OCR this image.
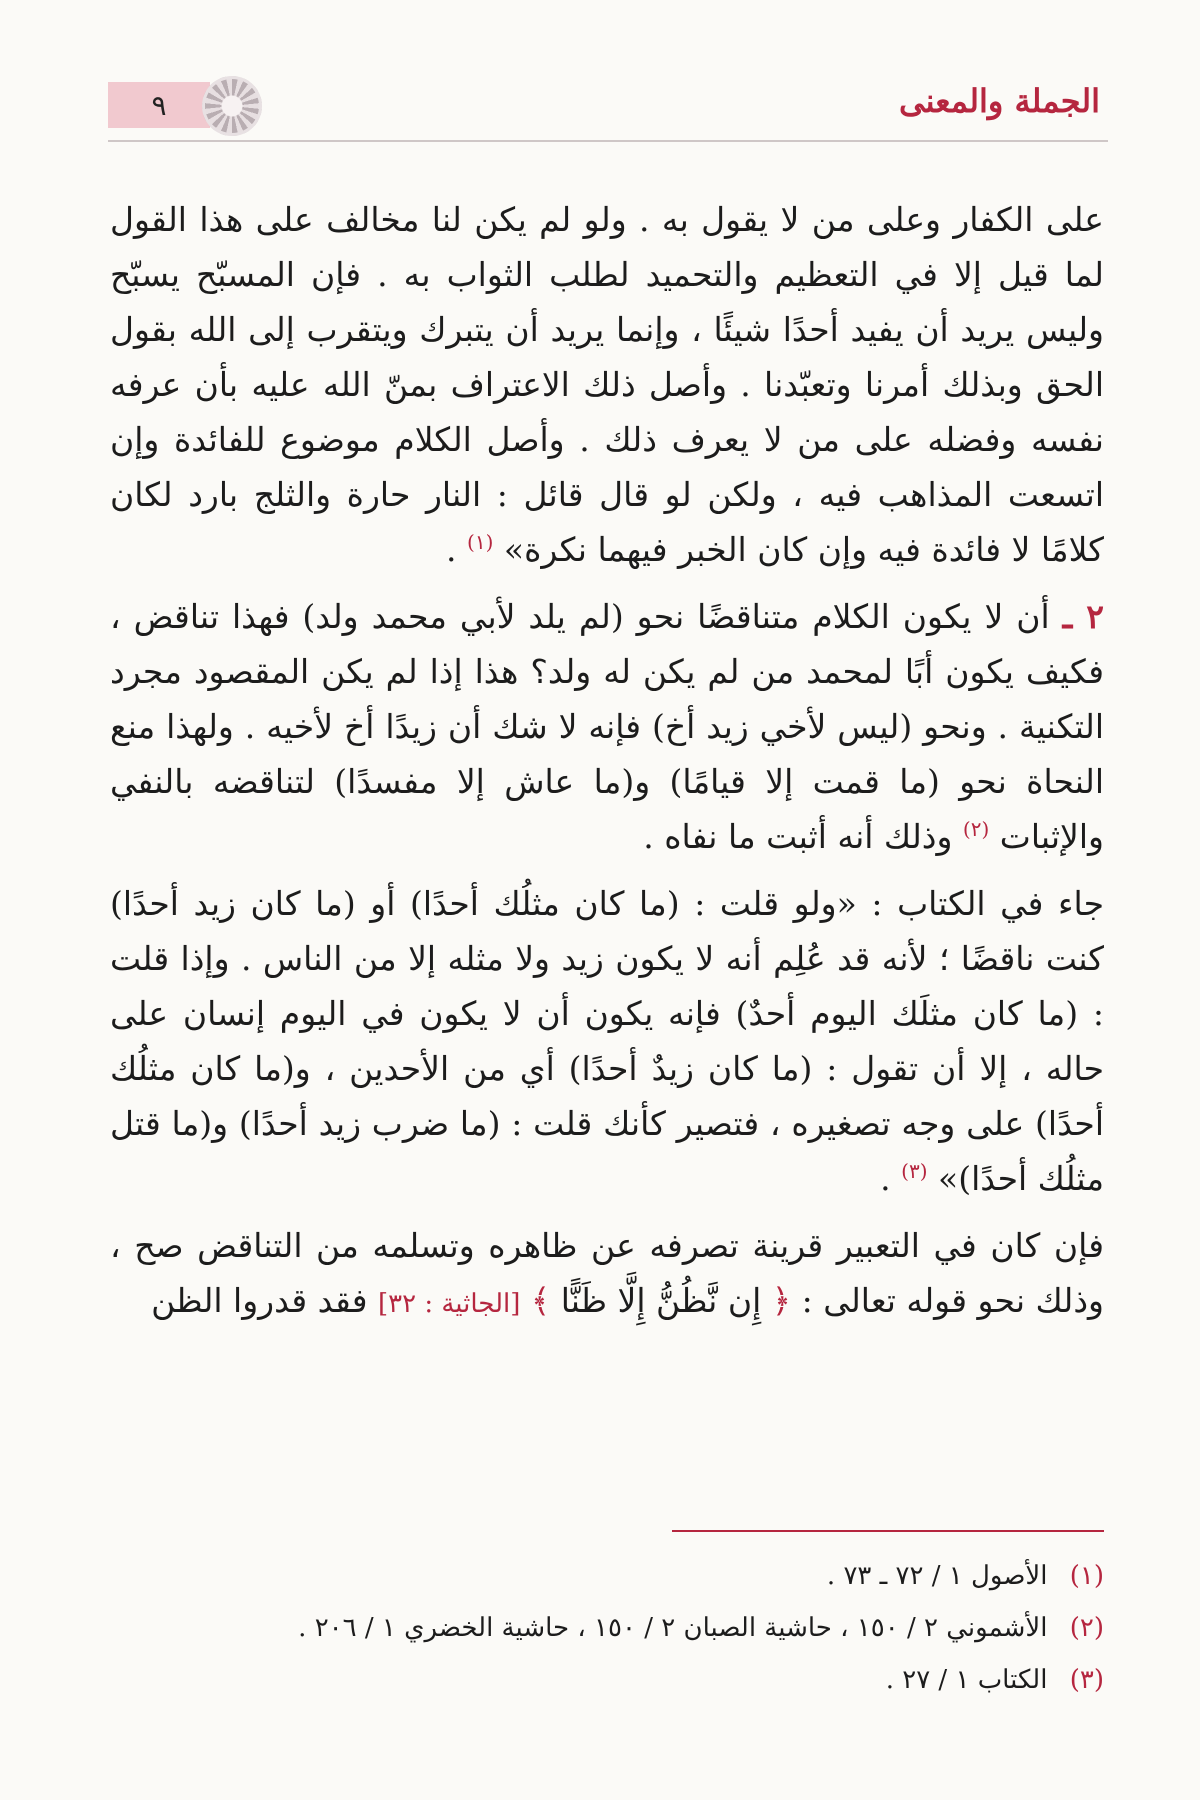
٩	الجملة والمعنى

على الكفار وعلى من لا يقول به . ولو لم يكن لنا مخالف على هذا القول لما قيل إلا في التعظيم والتحميد لطلب الثواب به . فإن المسبّح يسبّح وليس يريد أن يفيد أحدًا شيئًا ، وإنما يريد أن يتبرك ويتقرب إلى الله بقول الحق وبذلك أمرنا وتعبّدنا . وأصل ذلك الاعتراف بمنّ الله عليه بأن عرفه نفسه وفضله على من لا يعرف ذلك . وأصل الكلام موضوع للفائدة وإن اتسعت المذاهب فيه ، ولكن لو قال قائل : النار حارة والثلج بارد لكان كلامًا لا فائدة فيه وإن كان الخبر فيهما نكرة» $^{(١)}$ .

٢ ـ أن لا يكون الكلام متناقضًا نحو (لم يلد لأبي محمد ولد) فهذا تناقض ، فكيف يكون أبًا لمحمد من لم يكن له ولد؟ هذا إذا لم يكن المقصود مجرد التكنية . ونحو (ليس لأخي زيد أخ) فإنه لا شك أن زيدًا أخ لأخيه . ولهذا منع النحاة نحو (ما قمت إلا قيامًا) و(ما عاش إلا مفسدًا) لتناقضه بالنفي والإثبات $^{(٢)}$ وذلك أنه أثبت ما نفاه .

جاء في الكتاب : «ولو قلت : (ما كان مثلُك أحدًا) أو (ما كان زيد أحدًا) كنت ناقضًا ؛ لأنه قد عُلِم أنه لا يكون زيد ولا مثله إلا من الناس . وإذا قلت : (ما كان مثلَك اليوم أحدٌ) فإنه يكون أن لا يكون في اليوم إنسان على حاله ، إلا أن تقول : (ما كان زيدٌ أحدًا) أي من الأحدين ، و(ما كان مثلُك أحدًا) على وجه تصغيره ، فتصير كأنك قلت : (ما ضرب زيد أحدًا) و(ما قتل مثلُك أحدًا)» $^{(٣)}$ .

فإن كان في التعبير قرينة تصرفه عن ظاهره وتسلمه من التناقض صح ، وذلك نحو قوله تعالى : ﴿ إِن نَّظُنُّ إِلَّا ظَنًّا ﴾ [الجاثية : ٣٢] فقد قدروا الظن

(١) الأصول ١ / ٧٢ ـ ٧٣ .
(٢) الأشموني ٢ / ١٥٠ ، حاشية الصبان ٢ / ١٥٠ ، حاشية الخضري ١ / ٢٠٦ .
(٣) الكتاب ١ / ٢٧ .
